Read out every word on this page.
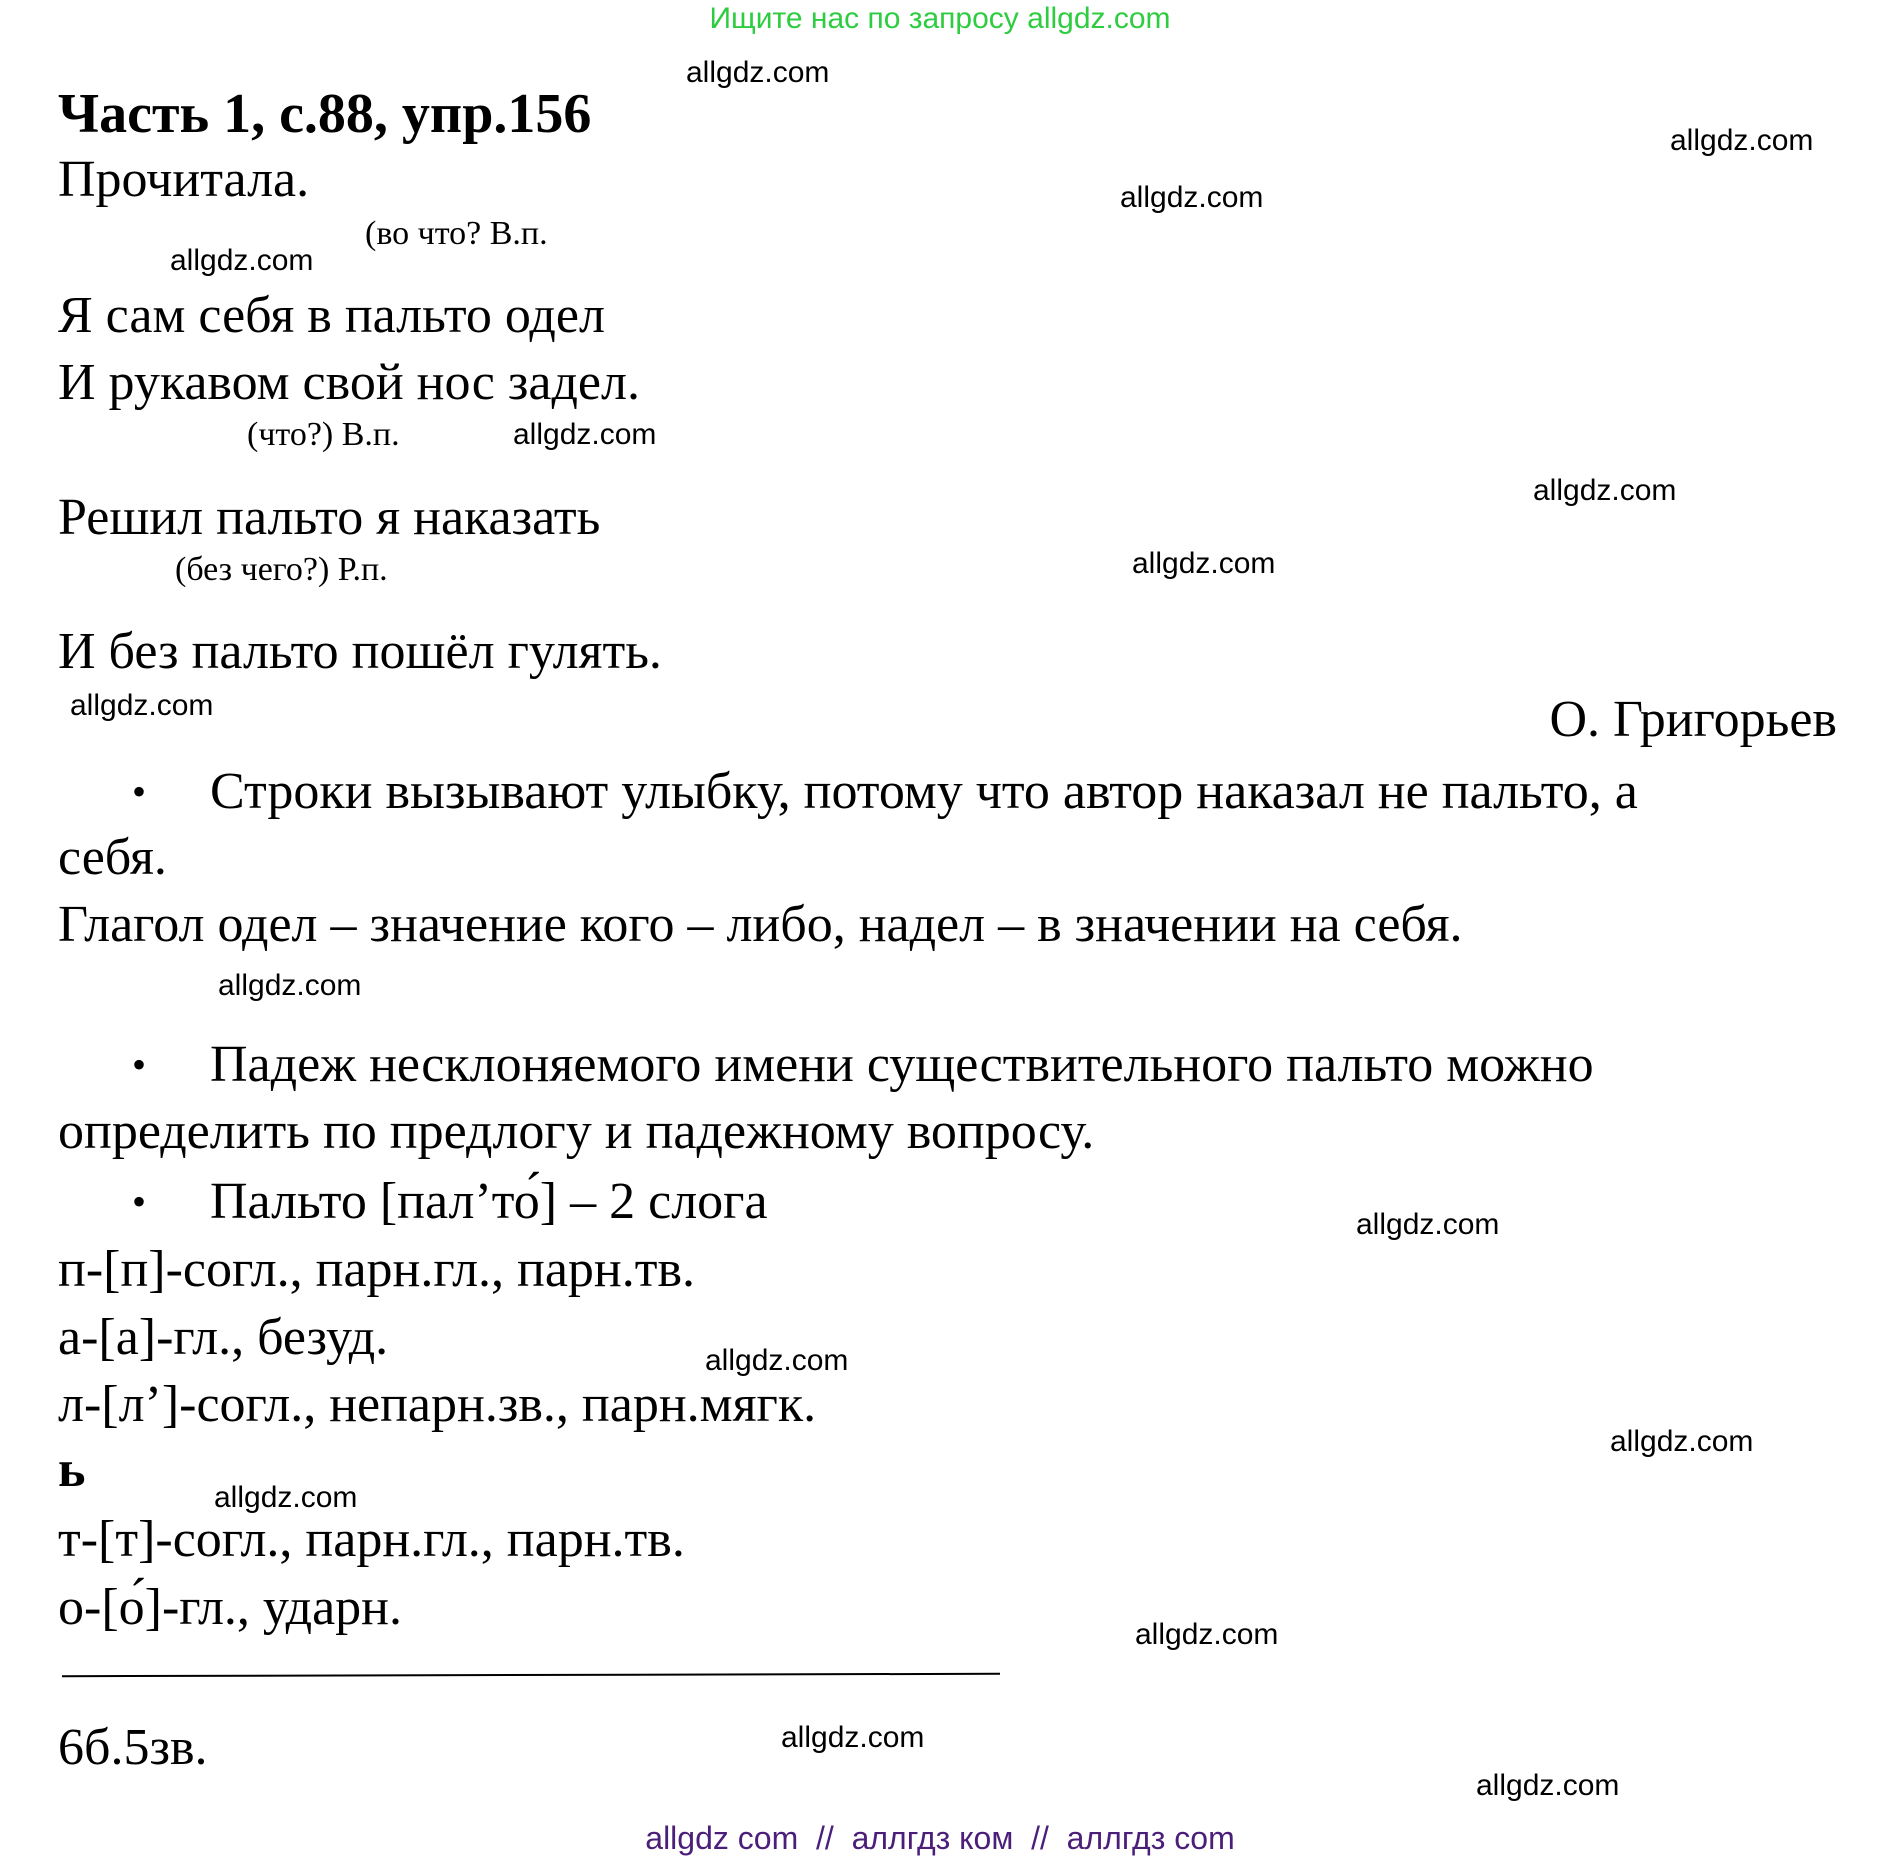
Ищите нас по запросу allgdz.com
Часть 1, с.88, упр.156
Прочитала.
(во что? В.п.
Я сам себя в пальто одел
И рукавом свой нос задел.
(что?) В.п.
Решил пальто я наказать
(без чего?) Р.п.
И без пальто пошёл гулять.
О. Григорьев
• Строки вызывают улыбку, потому что автор наказал не пальто, а
себя.
Глагол одел – значение кого – либо, надел – в значении на себя.
• Падеж несклоняемого имени существительного пальто можно
определить по предлогу и падежному вопросу.
• Пальто [пал’то́] – 2 слога
п-[п]-согл., парн.гл., парн.тв.
а-[а]-гл., безуд.
л-[л’]-согл., непарн.зв., парн.мягк.
ь
т-[т]-согл., парн.гл., парн.тв.
о-[о́]-гл., ударн.
6б.5зв.
allgdz.com
allgdz.com
allgdz.com
allgdz.com
allgdz.com
allgdz.com
allgdz.com
allgdz.com
allgdz.com
allgdz.com
allgdz.com
allgdz.com
allgdz.com
allgdz.com
allgdz.com
allgdz.com
allgdz com  //  аллгдз ком  //  аллгдз com
